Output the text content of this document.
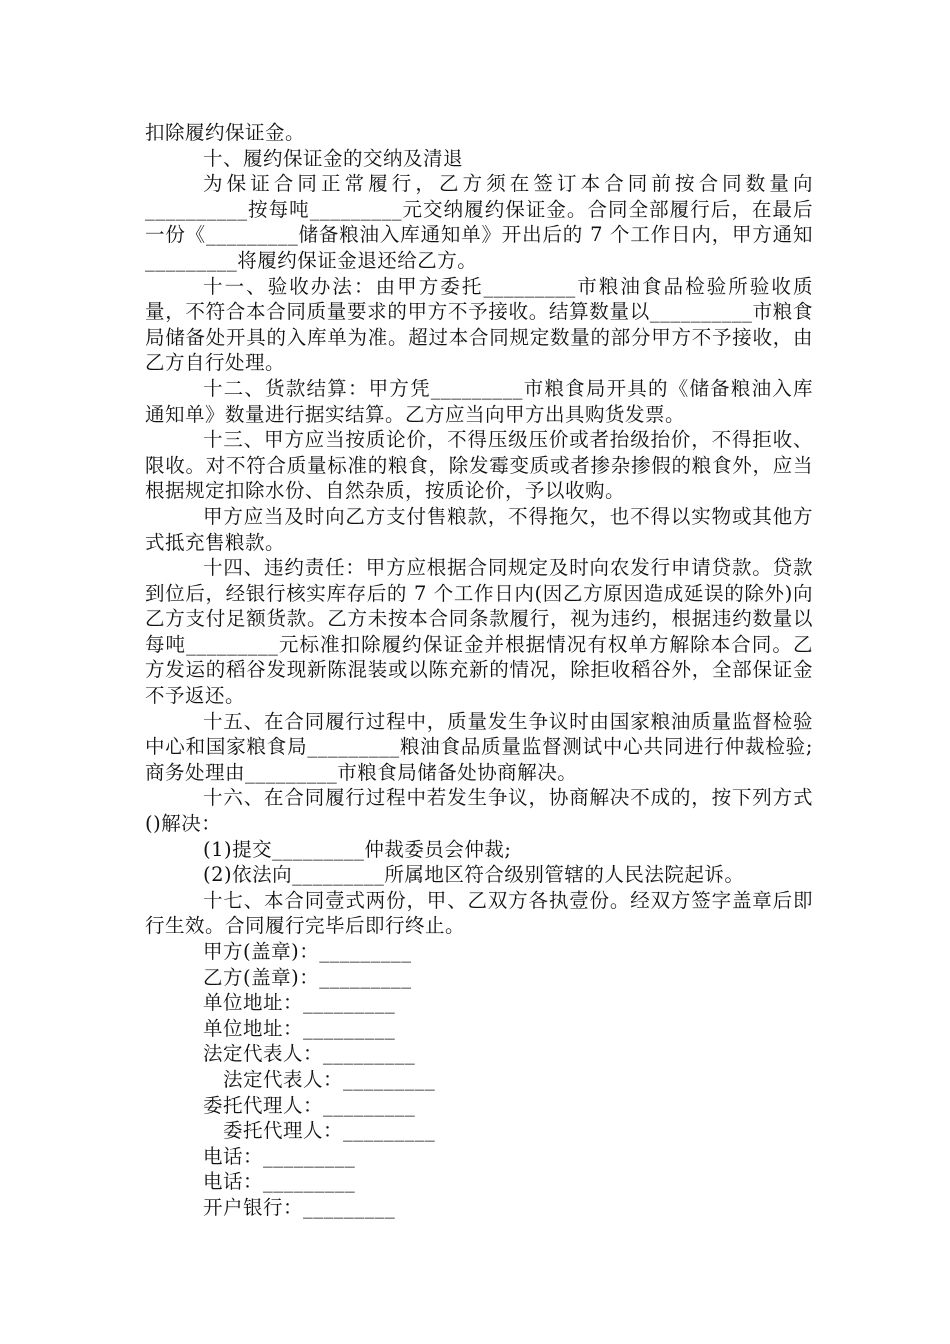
扣除履约保证金。

十、履约保证金的交纳及清退

为保证合同正常履行，乙方须在签订本合同前按合同数量向__________按每吨_________元交纳履约保证金。合同全部履行后，在最后一份《_________储备粮油入库通知单》开出后的 7 个工作日内，甲方通知_________将履约保证金退还给乙方。

十一、验收办法：由甲方委托_________市粮油食品检验所验收质量，不符合本合同质量要求的甲方不予接收。结算数量以__________市粮食局储备处开具的入库单为准。超过本合同规定数量的部分甲方不予接收，由乙方自行处理。

十二、货款结算：甲方凭_________市粮食局开具的《储备粮油入库通知单》数量进行据实结算。乙方应当向甲方出具购货发票。

十三、甲方应当按质论价，不得压级压价或者抬级抬价，不得拒收、限收。对不符合质量标准的粮食，除发霉变质或者掺杂掺假的粮食外，应当根据规定扣除水份、自然杂质，按质论价，予以收购。

甲方应当及时向乙方支付售粮款，不得拖欠，也不得以实物或其他方式抵充售粮款。

十四、违约责任：甲方应根据合同规定及时向农发行申请贷款。贷款到位后，经银行核实库存后的 7 个工作日内(因乙方原因造成延误的除外)向乙方支付足额货款。乙方未按本合同条款履行，视为违约，根据违约数量以每吨_________元标准扣除履约保证金并根据情况有权单方解除本合同。乙方发运的稻谷发现新陈混装或以陈充新的情况，除拒收稻谷外，全部保证金不予返还。

十五、在合同履行过程中，质量发生争议时由国家粮油质量监督检验中心和国家粮食局_________粮油食品质量监督测试中心共同进行仲裁检验;商务处理由_________市粮食局储备处协商解决。

十六、在合同履行过程中若发生争议，协商解决不成的，按下列方式()解决：

(1)提交_________仲裁委员会仲裁;

(2)依法向_________所属地区符合级别管辖的人民法院起诉。

十七、本合同壹式两份，甲、乙双方各执壹份。经双方签字盖章后即行生效。合同履行完毕后即行终止。

甲方(盖章)：_________

乙方(盖章)：_________

单位地址：_________

单位地址：_________

法定代表人：_________

法定代表人：_________

委托代理人：_________

委托代理人：_________

电话：_________

电话：_________

开户银行：_________
